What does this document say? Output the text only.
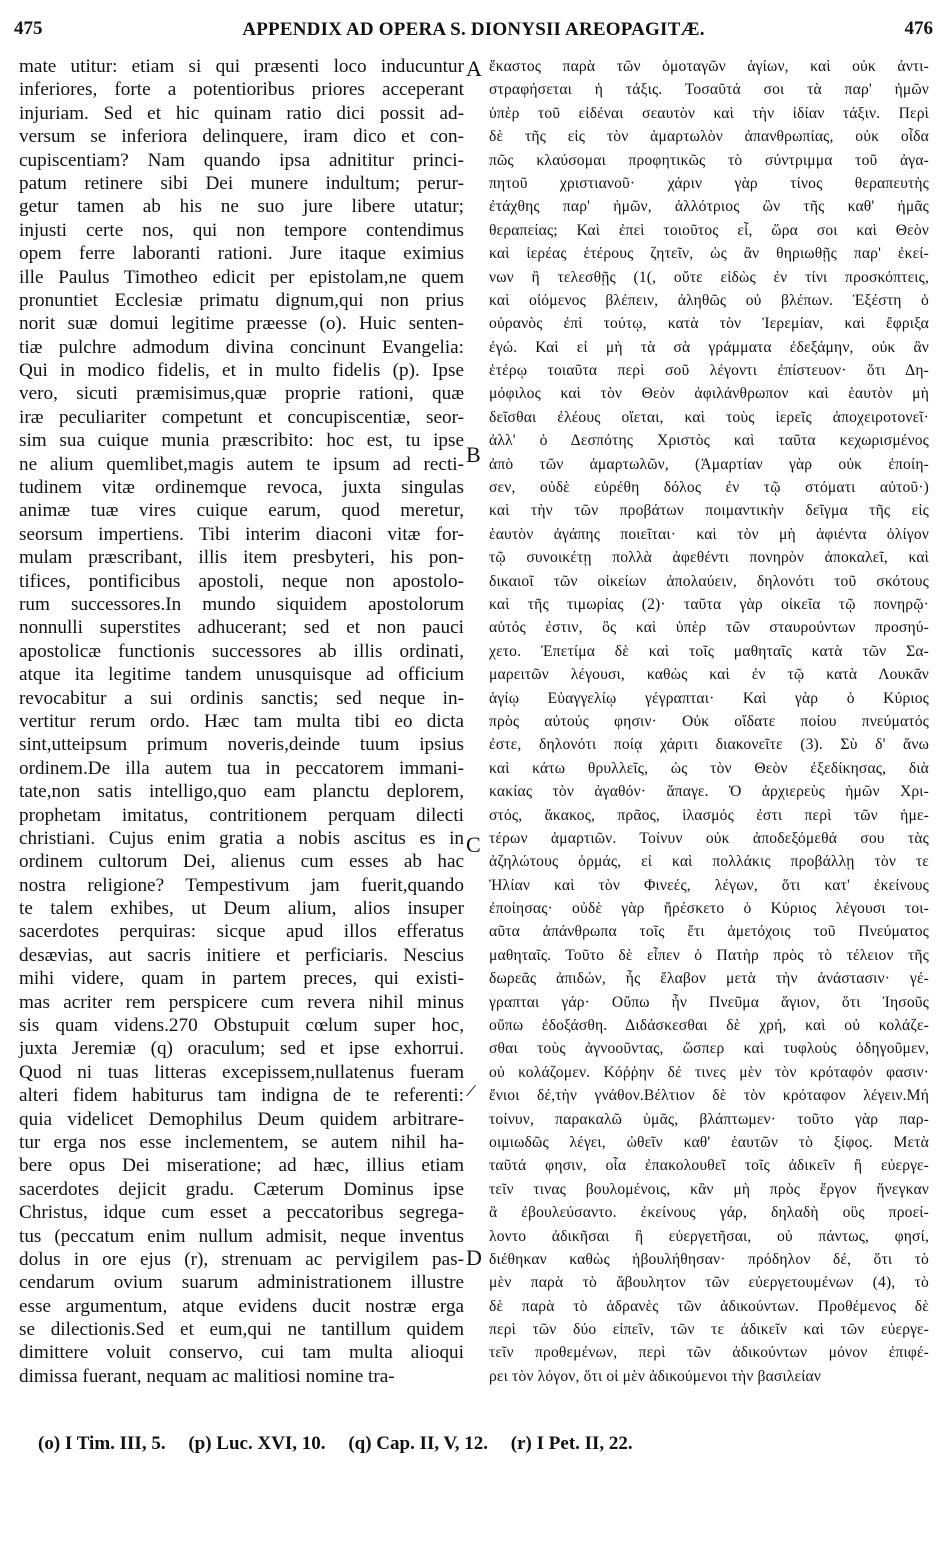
475	APPENDIX AD OPERA S. DIONYSII AREOPAGITÆ.	476
mate utitur: etiam si qui præsenti loco inducuntur
inferiores, forte a potentioribus priores acceperant
injuriam. Sed et hic quinam ratio dici possit ad-
versum se inferiora delinquere, iram dico et con-
cupiscentiam? Nam quando ipsa adnititur princi-
patum retinere sibi Dei munere indultum; perur-
getur tamen ab his ne suo jure libere utatur;
injusti certe nos, qui non tempore contendimus
opem ferre laboranti rationi. Jure itaque eximius
ille Paulus Timotheo edicit per epistolam,ne quem
pronuntiet Ecclesiæ primatu dignum,qui non prius
norit suæ domui legitime præesse (o). Huic senten-
tiæ pulchre admodum divina concinunt Evangelia:
Qui in modico fidelis, et in multo fidelis (p). Ipse
vero, sicuti præmisimus,quæ proprie rationi, quæ
iræ peculiariter competunt et concupiscentiæ, seor-
sim sua cuique munia præscribito: hoc est, tu ipse
ne alium quemlibet,magis autem te ipsum ad recti-
tudinem vitæ ordinemque revoca, juxta singulas
animæ tuæ vires cuique earum, quod meretur,
seorsum impertiens. Tibi interim diaconi vitæ for-
mulam præscribant, illis item presbyteri, his pon-
tifices, pontificibus apostoli, neque non apostolo-
rum successores.In mundo siquidem apostolorum
nonnulli superstites adhucerant; sed et non pauci
apostolicæ functionis successores ab illis ordinati,
atque ita legitime tandem unusquisque ad officium
revocabitur a sui ordinis sanctis; sed neque in-
vertitur rerum ordo. Hæc tam multa tibi eo dicta
sint,utteipsum primum noveris,deinde tuum ipsius
ordinem.De illa autem tua in peccatorem immani-
tate,non satis intelligo,quo eam planctu deplorem,
prophetam imitatus, contritionem perquam dilecti
christiani. Cujus enim gratia a nobis ascitus es in
ordinem cultorum Dei, alienus cum esses ab hac
nostra religione? Tempestivum jam fuerit,quando
te talem exhibes, ut Deum alium, alios insuper
sacerdotes perquiras: sicque apud illos efferatus
desævias, aut sacris initiere et perficiaris. Nescius
mihi videre, quam in partem preces, qui existi-
mas acriter rem perspicere cum revera nihil minus
sis quam videns.270 Obstupuit cœlum super hoc,
juxta Jeremiæ (q) oraculum; sed et ipse exhorrui.
Quod ni tuas litteras excepissem,nullatenus fueram
alteri fidem habiturus tam indigna de te referenti:
quia videlicet Demophilus Deum quidem arbitrare-
tur erga nos esse inclementem, se autem nihil ha-
bere opus Dei miseratione; ad hæc, illius etiam
sacerdotes dejicit gradu. Cæterum Dominus ipse
Christus, idque cum esset a peccatoribus segrega-
tus (peccatum enim nullum admisit, neque inventus
dolus in ore ejus (r), strenuam ac pervigilem pas-
cendarum ovium suarum administrationem illustre
esse argumentum, atque evidens ducit nostræ erga
se dilectionis.Sed et eum,qui ne tantillum quidem
dimittere voluit conservo, cui tam multa alioqui
dimissa fuerant, nequam ac malitiosi nomine tra-
ἕκαστος παρὰ τῶν ὁμοταγῶν ἁγίων, καὶ οὐκ ἀντι-
στραφήσεται ἡ τάξις. Τοσαῦτά σοι τὰ παρ' ἡμῶν
ὑπὲρ τοῦ εἰδέναι σεαυτὸν καὶ τὴν ἰδίαν τάξιν. Περὶ
δὲ τῆς εἰς τὸν ἁμαρτωλὸν ἀπανθρωπίας, οὐκ οἶδα
πῶς κλαύσομαι προφητικῶς τὸ σύντριμμα τοῦ ἀγα-
πητοῦ χριστιανοῦ· χάριν γὰρ τίνος θεραπευτὴς
ἐτάχθης παρ' ἡμῶν, ἀλλότριος ὢν τῆς καθ' ἡμᾶς
θεραπείας; Καὶ ἐπεὶ τοιοῦτος εἶ, ὥρα σοι καὶ Θεὸν
καὶ ἱερέας ἑτέρους ζητεῖν, ὡς ἂν θηριωθῇς παρ' ἐκεί-
νων ἢ τελεσθῇς (1(, οὔτε εἰδὼς ἐν τίνι προσκόπτεις,
καὶ οἰόμενος βλέπειν, ἀληθῶς οὐ βλέπων. Ἐξέστη ὁ
οὐρανὸς ἐπὶ τούτῳ, κατὰ τὸν Ἱερεμίαν, καὶ ἔφριξα
ἐγώ. Καὶ εἰ μὴ τὰ σὰ γράμματα ἐδεξάμην, οὐκ ἂν
ἑτέρῳ τοιαῦτα περὶ σοῦ λέγοντι ἐπίστευον· ὅτι Δη-
μόφιλος καὶ τὸν Θεὸν ἀφιλάνθρωπον καὶ ἑαυτὸν μὴ
δεῖσθαι ἐλέους οἴεται, καὶ τοὺς ἱερεῖς ἀποχειροτονεῖ·
ἀλλ' ὁ Δεσπότης Χριστὸς καὶ ταῦτα κεχωρισμένος
ἀπὸ τῶν ἁμαρτωλῶν, (Ἁμαρτίαν γὰρ οὐκ ἐποίη-
σεν, οὐδὲ εὑρέθη δόλος ἐν τῷ στόματι αὐτοῦ·)
καὶ τὴν τῶν προβάτων ποιμαντικὴν δεῖγμα τῆς εἰς
ἑαυτὸν ἀγάπης ποιεῖται· καὶ τὸν μὴ ἀφιέντα ὀλίγον
τῷ συνοικέτῃ πολλὰ ἀφεθέντι πονηρὸν ἀποκαλεῖ, καὶ
δικαιοῖ τῶν οἰκείων ἀπολαύειν, δηλονότι τοῦ σκότους
καὶ τῆς τιμωρίας (2)· ταῦτα γὰρ οἰκεῖα τῷ πονηρῷ·
αὐτός ἐστιν, ὃς καὶ ὑπὲρ τῶν σταυρούντων προσηύ-
χετο. Ἐπετίμα δὲ καὶ τοῖς μαθηταῖς κατὰ τῶν Σα-
μαρειτῶν λέγουσι, καθὼς καὶ ἐν τῷ κατὰ Λουκᾶν
ἁγίῳ Εὐαγγελίῳ γέγραπται· Καὶ γὰρ ὁ Κύριος
πρὸς αὐτούς φησιν· Οὐκ οἴδατε ποίου πνεύματός
ἐστε, δηλονότι ποίᾳ χάριτι διακονεῖτε (3). Σὺ δ' ἄνω
καὶ κάτω θρυλλεῖς, ὡς τὸν Θεὸν ἐξεδίκησας, διὰ
κακίας τὸν ἀγαθόν· ἄπαγε. Ὁ ἀρχιερεὺς ἡμῶν Χρι-
στός, ἄκακος, πρᾶος, ἱλασμός ἐστι περὶ τῶν ἡμε-
τέρων ἁμαρτιῶν. Τοίνυν οὐκ ἀποδεξόμεθά σου τὰς
ἀζηλώτους ὁρμάς, εἰ καὶ πολλάκις προβάλλῃ τὸν τε
Ἠλίαν καὶ τὸν Φινεές, λέγων, ὅτι κατ' ἐκείνους
ἐποίησας· οὐδὲ γὰρ ἤρέσκετο ὁ Κύριος λέγουσι τοι-
αῦτα ἀπάνθρωπα τοῖς ἔτι ἀμετόχοις τοῦ Πνεύματος
μαθηταῖς. Τοῦτο δὲ εἶπεν ὁ Πατὴρ πρὸς τὸ τέλειον τῆς
δωρεᾶς ἀπιδών, ἧς ἔλαβον μετὰ τὴν ἀνάστασιν· γέ-
γραπται γάρ· Οὔπω ἦν Πνεῦμα ἅγιον, ὅτι Ἰησοῦς
οὔπω ἐδοξάσθη. Διδάσκεσθαι δὲ χρή, καὶ οὐ κολάζε-
σθαι τοὺς ἀγνοοῦντας, ὥσπερ καὶ τυφλοὺς ὁδηγοῦμεν,
οὐ κολάζομεν. Κόῤῥην δέ τινες μὲν τὸν κρόταφόν φασιν·
ἔνιοι δέ,τὴν γνάθον.Βέλτιον δὲ τὸν κρόταφον λέγειν.Μή
τοίνυν, παρακαλῶ ὑμᾶς, βλάπτωμεν· τοῦτο γὰρ παρ-
οιμιωδῶς λέγει, ὠθεῖν καθ' ἑαυτῶν τὸ ξίφος. Μετὰ
ταῦτά φησιν, οἷα ἐπακολουθεῖ τοῖς ἀδικεῖν ἢ εὐεργε-
τεῖν τινας βουλομένοις, κἂν μὴ πρὸς ἔργον ἤνεγκαν
ἃ ἐβουλεύσαντο. ἐκείνους γάρ, δηλαδὴ οὓς προεί-
λοντο ἀδικῆσαι ἢ εὐεργετῆσαι, οὐ πάντως, φησί,
διέθηκαν καθὼς ἠβουλήθησαν· πρόδηλον δέ, ὅτι τὸ
μὲν παρὰ τὸ ἄβουλητον τῶν εὐεργετουμένων (4), τὸ
δὲ παρὰ τὸ ἀδρανὲς τῶν ἀδικούντων. Προθέμενος δὲ
περὶ τῶν δύο εἰπεῖν, τῶν τε ἀδικεῖν καὶ τῶν εὐεργε-
τεῖν προθεμένων, περὶ τῶν ἀδικούντων μόνον ἐπιφέ-
ρει τὸν λόγον, ὅτι οἱ μὲν ἀδικούμενοι τὴν βασιλείαν
A
B
C
D
/
(o) I Tim. III, 5. (p) Luc. XVI, 10. (q) Cap. II, V, 12. (r) I Pet. II, 22.
